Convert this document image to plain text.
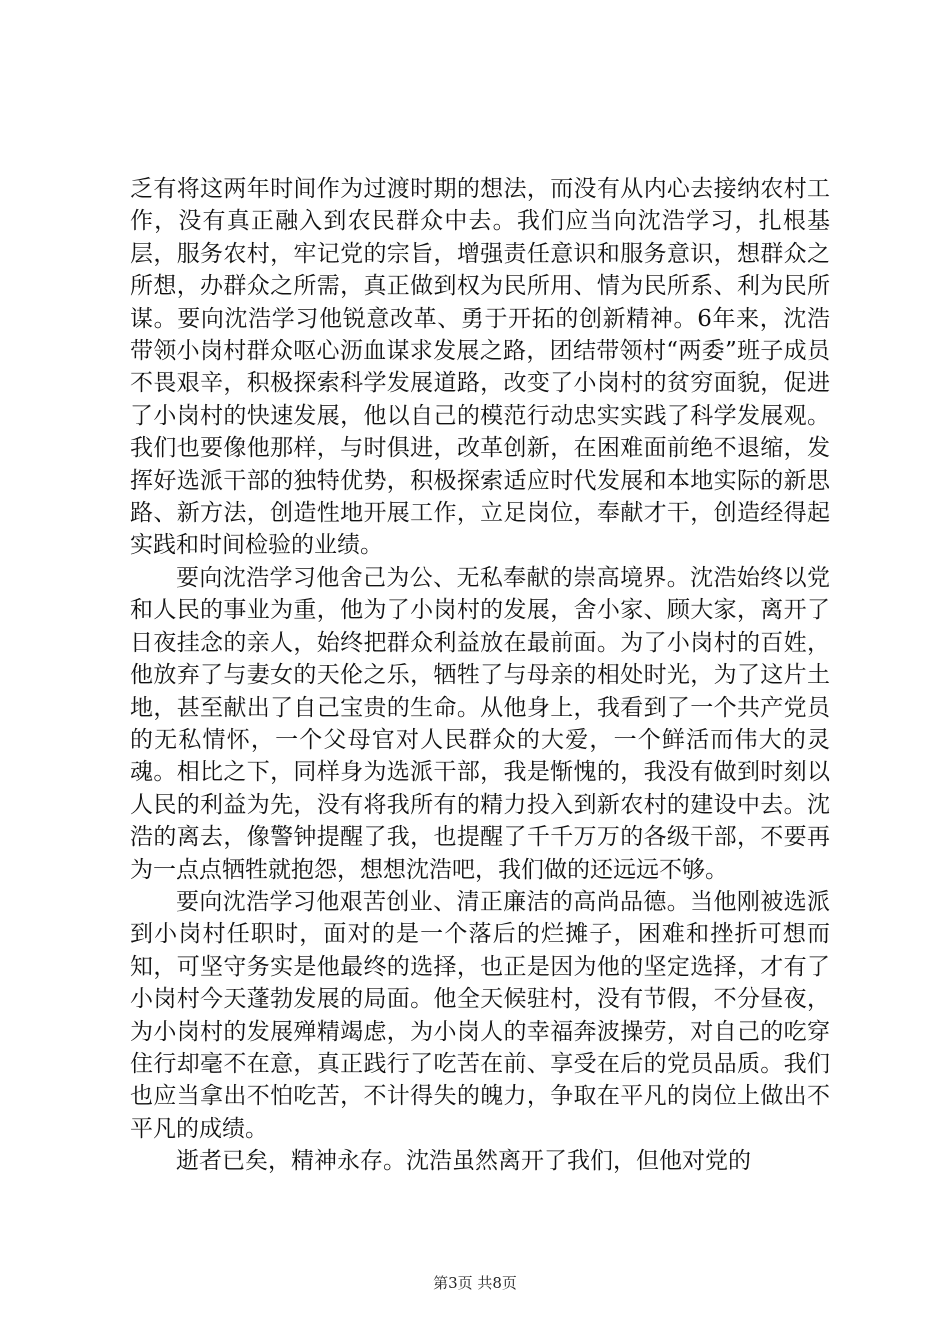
乏有将这两年时间作为过渡时期的想法，而没有从内心去接纳农村工作，没有真正融入到农民群众中去。我们应当向沈浩学习，扎根基层，服务农村，牢记党的宗旨，增强责任意识和服务意识，想群众之所想，办群众之所需，真正做到权为民所用、情为民所系、利为民所谋。要向沈浩学习他锐意改革、勇于开拓的创新精神。6年来，沈浩带领小岗村群众呕心沥血谋求发展之路，团结带领村“两委”班子成员不畏艰辛，积极探索科学发展道路，改变了小岗村的贫穷面貌，促进了小岗村的快速发展，他以自己的模范行动忠实实践了科学发展观。我们也要像他那样，与时俱进，改革创新，在困难面前绝不退缩，发挥好选派干部的独特优势，积极探索适应时代发展和本地实际的新思路、新方法，创造性地开展工作，立足岗位，奉献才干，创造经得起实践和时间检验的业绩。

要向沈浩学习他舍己为公、无私奉献的崇高境界。沈浩始终以党和人民的事业为重，他为了小岗村的发展，舍小家、顾大家，离开了日夜挂念的亲人，始终把群众利益放在最前面。为了小岗村的百姓，他放弃了与妻女的天伦之乐，牺牲了与母亲的相处时光，为了这片土地，甚至献出了自己宝贵的生命。从他身上，我看到了一个共产党员的无私情怀，一个父母官对人民群众的大爱，一个鲜活而伟大的灵魂。相比之下，同样身为选派干部，我是惭愧的，我没有做到时刻以人民的利益为先，没有将我所有的精力投入到新农村的建设中去。沈浩的离去，像警钟提醒了我，也提醒了千千万万的各级干部，不要再为一点点牺牲就抱怨，想想沈浩吧，我们做的还远远不够。

要向沈浩学习他艰苦创业、清正廉洁的高尚品德。当他刚被选派到小岗村任职时，面对的是一个落后的烂摊子，困难和挫折可想而知，可坚守务实是他最终的选择，也正是因为他的坚定选择，才有了小岗村今天蓬勃发展的局面。他全天候驻村，没有节假，不分昼夜，为小岗村的发展殚精竭虑，为小岗人的幸福奔波操劳，对自己的吃穿住行却毫不在意，真正践行了吃苦在前、享受在后的党员品质。我们也应当拿出不怕吃苦，不计得失的魄力，争取在平凡的岗位上做出不平凡的成绩。

逝者已矣，精神永存。沈浩虽然离开了我们，但他对党的

第3页 共8页
